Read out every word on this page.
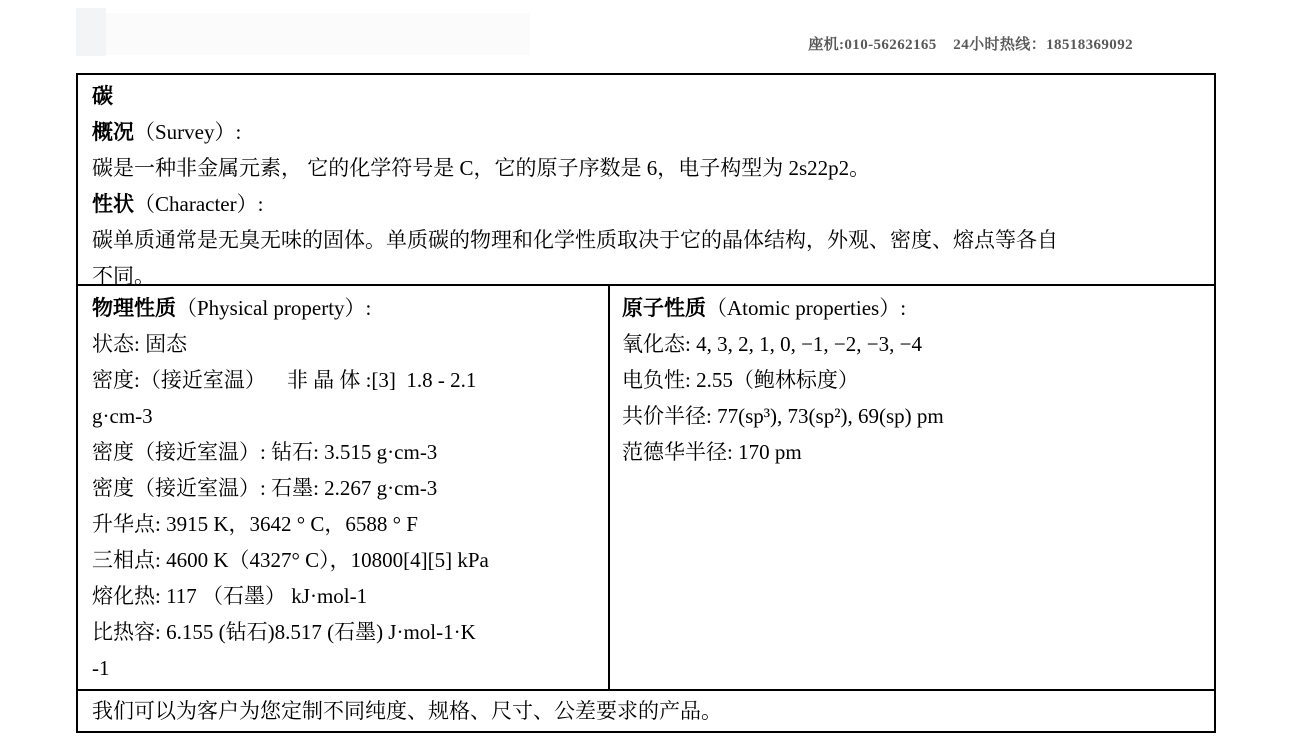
座机:010-56262165    24小时热线：18518369092
碳
概况（Survey）:
碳是一种非金属元素， 它的化学符号是 C，它的原子序数是 6，电子构型为 2s22p2。
性状（Character）:
碳单质通常是无臭无味的固体。单质碳的物理和化学性质取决于它的晶体结构，外观、密度、熔点等各自
不同。
物理性质（Physical property）:
状态: 固态
密度:（接近室温）　  非 晶 体 :[3]  1.8 - 2.1
g·cm-3
密度（接近室温）: 钻石: 3.515 g·cm-3
密度（接近室温）: 石墨: 2.267 g·cm-3
升华点: 3915 K，3642 ° C，6588 ° F
三相点: 4600 K（4327° C），10800[4][5] kPa
熔化热: 117 （石墨） kJ·mol-1
比热容: 6.155 (钻石)8.517 (石墨) J·mol-1·K
-1
原子性质（Atomic properties）:
氧化态: 4, 3, 2, 1, 0, −1, −2, −3, −4
电负性: 2.55（鲍林标度）
共价半径: 77(sp³), 73(sp²), 69(sp) pm
范德华半径: 170 pm
我们可以为客户为您定制不同纯度、规格、尺寸、公差要求的产品。
